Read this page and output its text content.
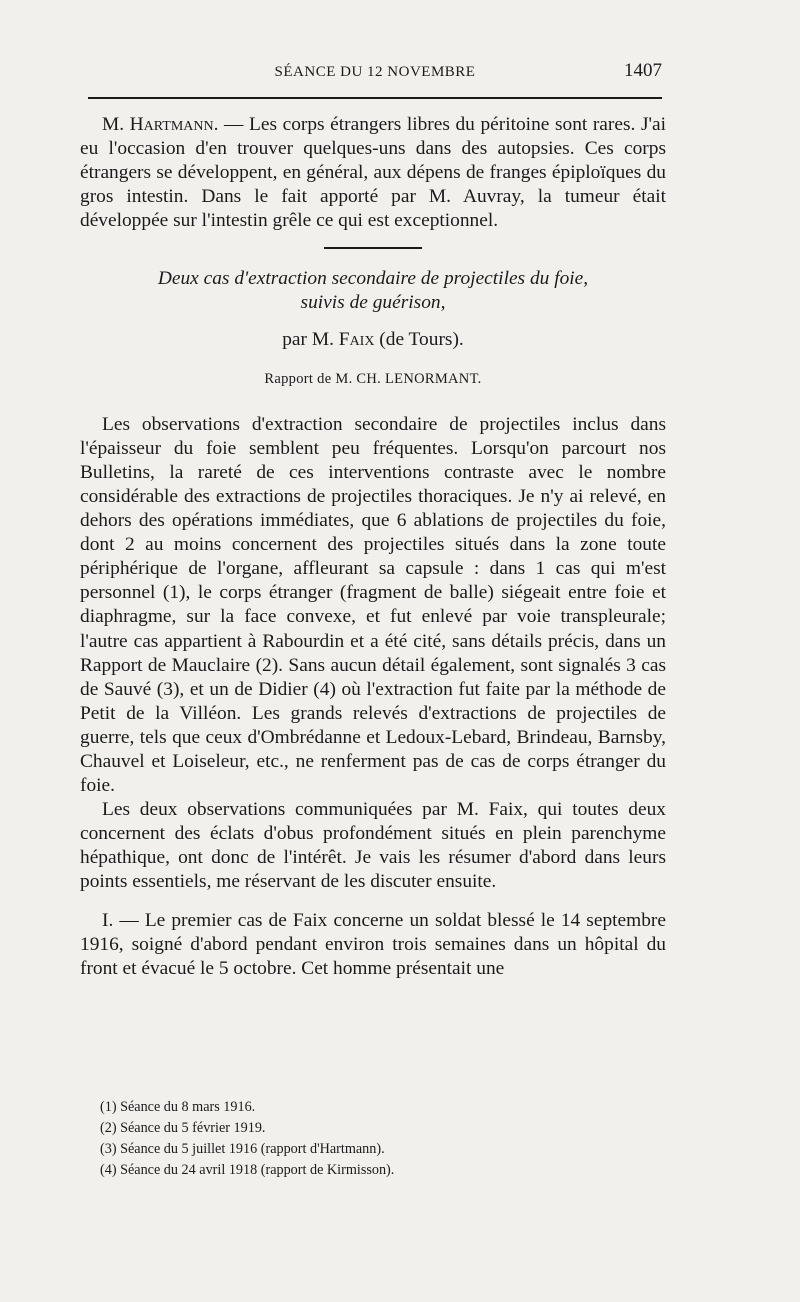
SÉANCE DU 12 NOVEMBRE	1407

M. Hartmann. — Les corps étrangers libres du péritoine sont rares. J'ai eu l'occasion d'en trouver quelques-uns dans des autopsies. Ces corps étrangers se développent, en général, aux dépens de franges épiploïques du gros intestin. Dans le fait apporté par M. Auvray, la tumeur était développée sur l'intestin grêle ce qui est exceptionnel.

Deux cas d'extraction secondaire de projectiles du foie,
suivis de guérison,
par M. Faix (de Tours).
Rapport de M. CH. LENORMANT.

Les observations d'extraction secondaire de projectiles inclus dans l'épaisseur du foie semblent peu fréquentes. Lorsqu'on parcourt nos Bulletins, la rareté de ces interventions contraste avec le nombre considérable des extractions de projectiles thoraciques. Je n'y ai relevé, en dehors des opérations immédiates, que 6 ablations de projectiles du foie, dont 2 au moins concernent des projectiles situés dans la zone toute périphérique de l'organe, affleurant sa capsule : dans 1 cas qui m'est personnel (1), le corps étranger (fragment de balle) siégeait entre foie et diaphragme, sur la face convexe, et fut enlevé par voie transpleurale; l'autre cas appartient à Rabourdin et a été cité, sans détails précis, dans un Rapport de Mauclaire (2). Sans aucun détail également, sont signalés 3 cas de Sauvé (3), et un de Didier (4) où l'extraction fut faite par la méthode de Petit de la Villéon. Les grands relevés d'extractions de projectiles de guerre, tels que ceux d'Ombrédanne et Ledoux-Lebard, Brindeau, Barnsby, Chauvel et Loiseleur, etc., ne renferment pas de cas de corps étranger du foie.

Les deux observations communiquées par M. Faix, qui toutes deux concernent des éclats d'obus profondément situés en plein parenchyme hépathique, ont donc de l'intérêt. Je vais les résumer d'abord dans leurs points essentiels, me réservant de les discuter ensuite.

I. — Le premier cas de Faix concerne un soldat blessé le 14 septembre 1916, soigné d'abord pendant environ trois semaines dans un hôpital du front et évacué le 5 octobre. Cet homme présentait une

(1) Séance du 8 mars 1916.
(2) Séance du 5 février 1919.
(3) Séance du 5 juillet 1916 (rapport d'Hartmann).
(4) Séance du 24 avril 1918 (rapport de Kirmisson).
